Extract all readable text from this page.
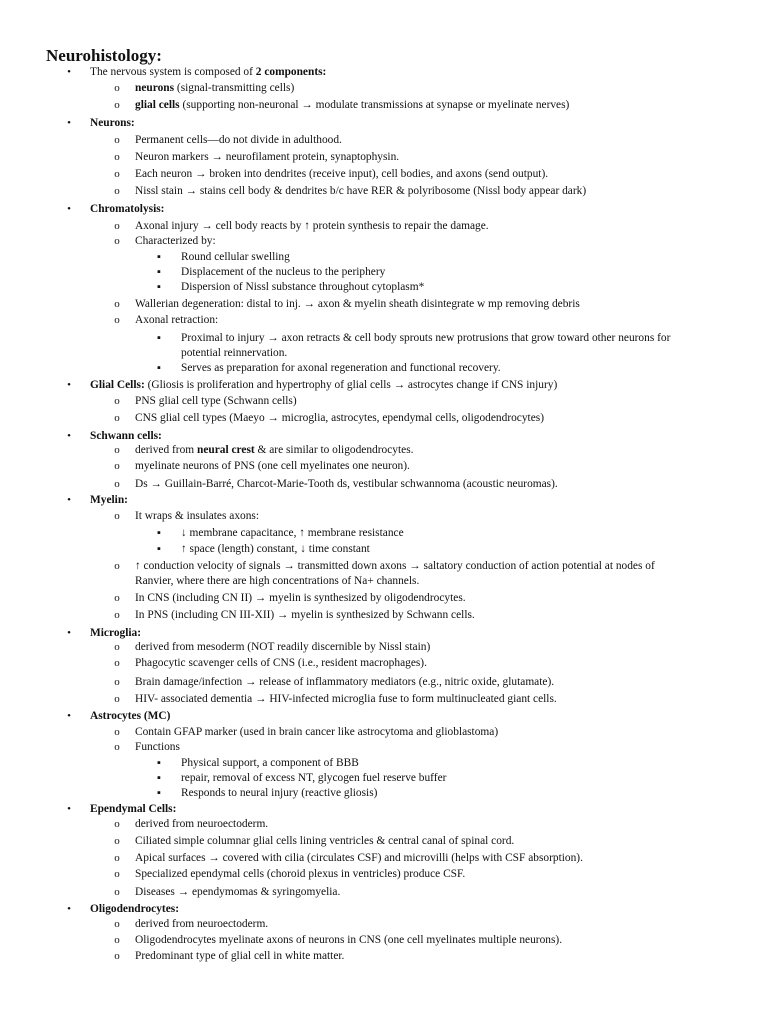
Neurohistology:
•	The nervous system is composed of 2 components:
o	neurons (signal-transmitting cells)
o	glial cells (supporting non-neuronal → modulate transmissions at synapse or myelinate nerves)
•	Neurons:
o	Permanent cells—do not divide in adulthood.
o	Neuron markers → neurofilament protein, synaptophysin.
o	Each neuron → broken into dendrites (receive input), cell bodies, and axons (send output).
o	Nissl stain → stains cell body & dendrites b/c have RER & polyribosome (Nissl body appear dark)
•	Chromatolysis:
o	Axonal injury → cell body reacts by ↑ protein synthesis to repair the damage.
o	Characterized by:
▪	Round cellular swelling
▪	Displacement of the nucleus to the periphery
▪	Dispersion of Nissl substance throughout cytoplasm*
o	Wallerian degeneration: distal to inj. → axon & myelin sheath disintegrate w mp removing debris
o	Axonal retraction:
▪	Proximal to injury → axon retracts & cell body sprouts new protrusions that grow toward other neurons for
potential reinnervation.
▪	Serves as preparation for axonal regeneration and functional recovery.
•	Glial Cells: (Gliosis is proliferation and hypertrophy of glial cells → astrocytes change if CNS injury)
o	PNS glial cell type (Schwann cells)
o	CNS glial cell types (Maeyo → microglia, astrocytes, ependymal cells, oligodendrocytes)
•	Schwann cells:
o	derived from neural crest & are similar to oligodendrocytes.
o	myelinate neurons of PNS (one cell myelinates one neuron).
o	Ds → Guillain-Barré, Charcot-Marie-Tooth ds, vestibular schwannoma (acoustic neuromas).
•	Myelin:
o	It wraps & insulates axons:
▪	↓ membrane capacitance, ↑ membrane resistance
▪	↑ space (length) constant, ↓ time constant
o	↑ conduction velocity of signals → transmitted down axons → saltatory conduction of action potential at nodes of
Ranvier, where there are high concentrations of Na+ channels.
o	In CNS (including CN II) → myelin is synthesized by oligodendrocytes.
o	In PNS (including CN III-XII) → myelin is synthesized by Schwann cells.
•	Microglia:
o	derived from mesoderm (NOT readily discernible by Nissl stain)
o	Phagocytic scavenger cells of CNS (i.e., resident macrophages).
o	Brain damage/infection → release of inflammatory mediators (e.g., nitric oxide, glutamate).
o	HIV- associated dementia → HIV-infected microglia fuse to form multinucleated giant cells.
•	Astrocytes (MC)
o	Contain GFAP marker (used in brain cancer like astrocytoma and glioblastoma)
o	Functions
▪	Physical support, a component of BBB
▪	repair, removal of excess NT, glycogen fuel reserve buffer
▪	Responds to neural injury (reactive gliosis)
•	Ependymal Cells:
o	derived from neuroectoderm.
o	Ciliated simple columnar glial cells lining ventricles & central canal of spinal cord.
o	Apical surfaces → covered with cilia (circulates CSF) and microvilli (helps with CSF absorption).
o	Specialized ependymal cells (choroid plexus in ventricles) produce CSF.
o	Diseases → ependymomas & syringomyelia.
•	Oligodendrocytes:
o	derived from neuroectoderm.
o	Oligodendrocytes myelinate axons of neurons in CNS (one cell myelinates multiple neurons).
o	Predominant type of glial cell in white matter.
